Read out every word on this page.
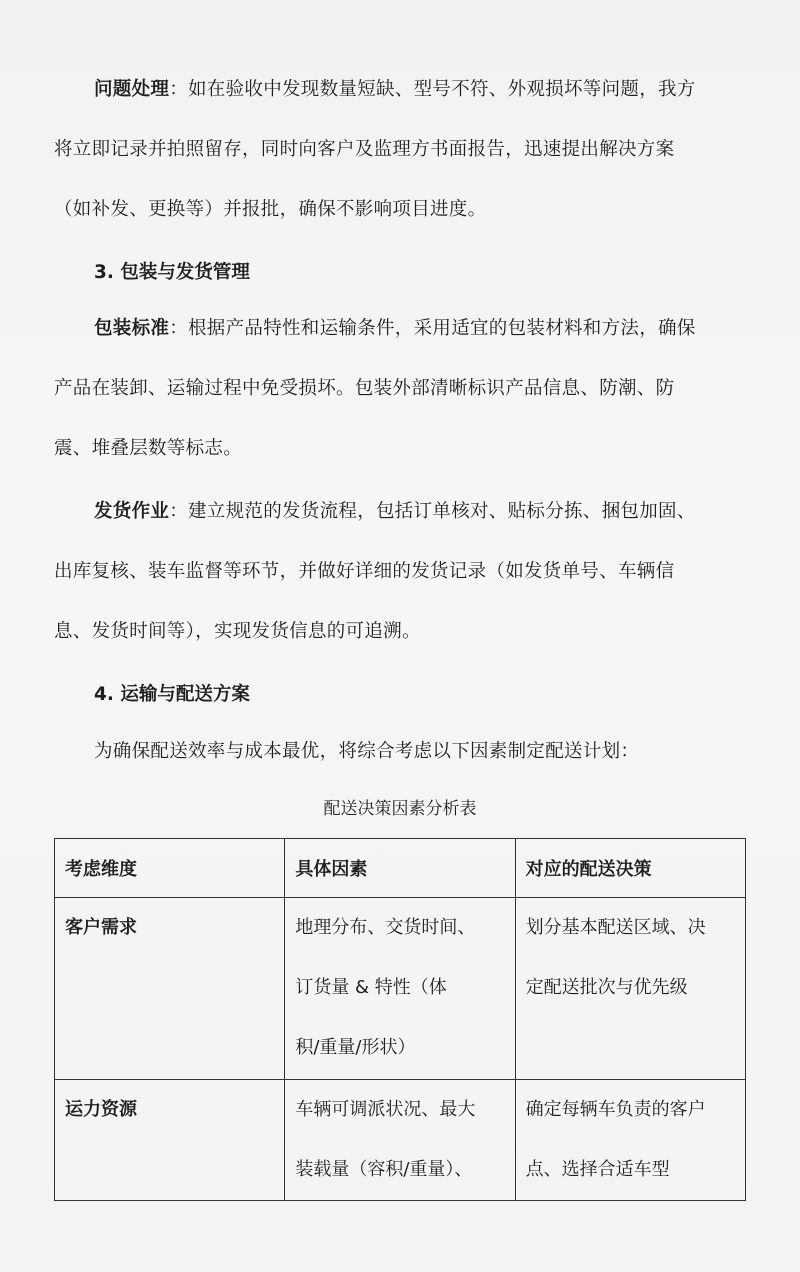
问题处理：如在验收中发现数量短缺、型号不符、外观损坏等问题，我方
将立即记录并拍照留存，同时向客户及监理方书面报告，迅速提出解决方案
（如补发、更换等）并报批，确保不影响项目进度。
3. 包装与发货管理
包装标准：根据产品特性和运输条件，采用适宜的包装材料和方法，确保
产品在装卸、运输过程中免受损坏。包装外部清晰标识产品信息、防潮、防
震、堆叠层数等标志。
发货作业：建立规范的发货流程，包括订单核对、贴标分拣、捆包加固、
出库复核、装车监督等环节，并做好详细的发货记录（如发货单号、车辆信
息、发货时间等），实现发货信息的可追溯。
4. 运输与配送方案
为确保配送效率与成本最优，将综合考虑以下因素制定配送计划：
配送决策因素分析表
考虑维度	具体因素	对应的配送决策

客户需求	地理分布、交货时间、
订货量 & 特性（体
积/重量/形状）	划分基本配送区域、决
定配送批次与优先级

运力资源	车辆可调派状况、最大
装载量（容积/重量）、	确定每辆车负责的客户
点、选择合适车型
